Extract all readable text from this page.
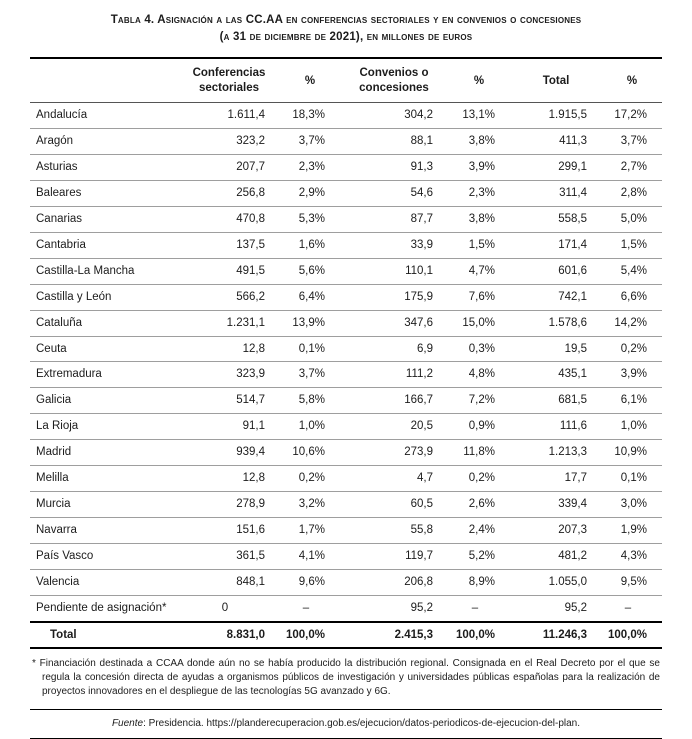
Tabla 4. Asignación a las CC.AA en conferencias sectoriales y en convenios o concesiones
(a 31 de diciembre de 2021), en millones de euros
	Conferencias sectoriales	%	Convenios o concesiones	%	Total	%
Andalucía	1.611,4	18,3%	304,2	13,1%	1.915,5	17,2%
Aragón	323,2	3,7%	88,1	3,8%	411,3	3,7%
Asturias	207,7	2,3%	91,3	3,9%	299,1	2,7%
Baleares	256,8	2,9%	54,6	2,3%	311,4	2,8%
Canarias	470,8	5,3%	87,7	3,8%	558,5	5,0%
Cantabria	137,5	1,6%	33,9	1,5%	171,4	1,5%
Castilla-La Mancha	491,5	5,6%	110,1	4,7%	601,6	5,4%
Castilla y León	566,2	6,4%	175,9	7,6%	742,1	6,6%
Cataluña	1.231,1	13,9%	347,6	15,0%	1.578,6	14,2%
Ceuta	12,8	0,1%	6,9	0,3%	19,5	0,2%
Extremadura	323,9	3,7%	111,2	4,8%	435,1	3,9%
Galicia	514,7	5,8%	166,7	7,2%	681,5	6,1%
La Rioja	91,1	1,0%	20,5	0,9%	111,6	1,0%
Madrid	939,4	10,6%	273,9	11,8%	1.213,3	10,9%
Melilla	12,8	0,2%	4,7	0,2%	17,7	0,1%
Murcia	278,9	3,2%	60,5	2,6%	339,4	3,0%
Navarra	151,6	1,7%	55,8	2,4%	207,3	1,9%
País Vasco	361,5	4,1%	119,7	5,2%	481,2	4,3%
Valencia	848,1	9,6%	206,8	8,9%	1.055,0	9,5%
Pendiente de asignación*	0	–	95,2	–	95,2	–
Total	8.831,0	100,0%	2.415,3	100,0%	11.246,3	100,0%
* Financiación destinada a CCAA donde aún no se había producido la distribución regional. Consignada en el Real Decreto por el que se regula la concesión directa de ayudas a organismos públicos de investigación y universidades públicas españolas para la realización de proyectos innovadores en el despliegue de las tecnologías 5G avanzado y 6G.
Fuente: Presidencia. https://planderecuperacion.gob.es/ejecucion/datos-periodicos-de-ejecucion-del-plan.
